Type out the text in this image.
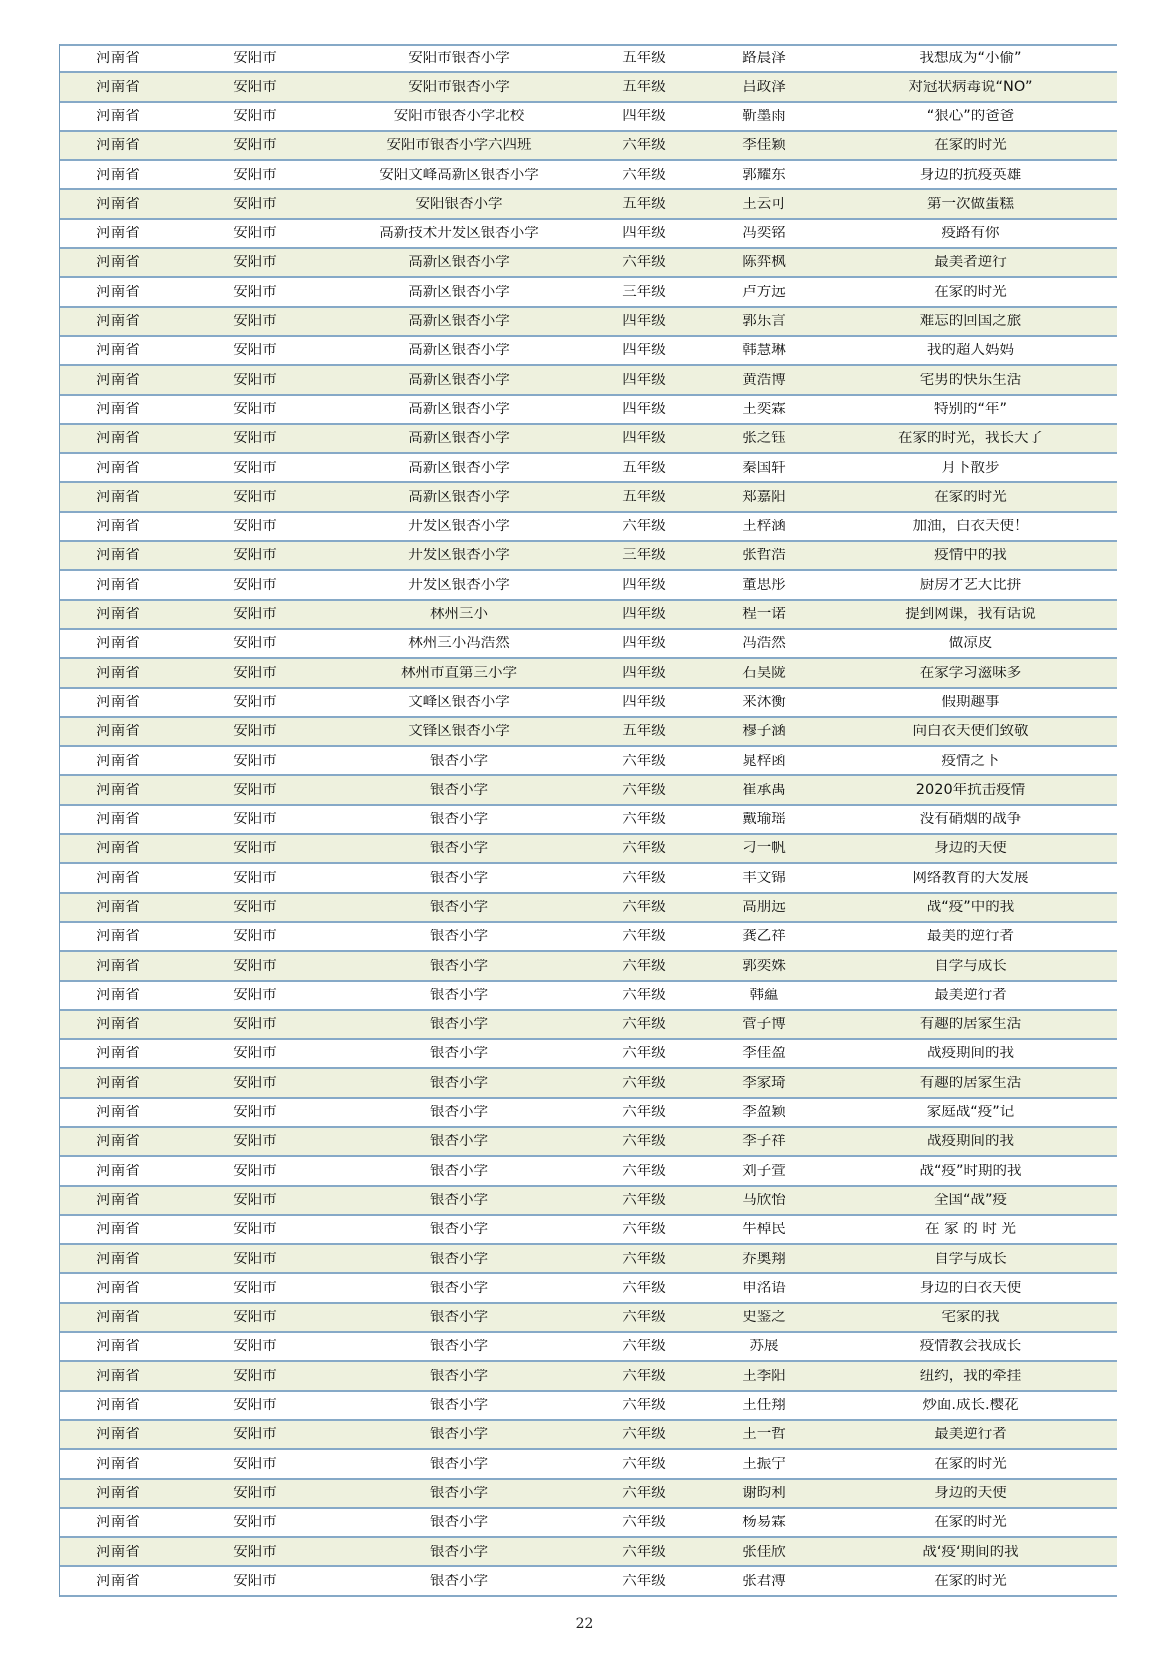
河南省	安阳市	安阳市银杏小学	五年级	路晨泽	我想成为“小偷”
河南省	安阳市	安阳市银杏小学	五年级	吕政泽	对冠状病毒说“NO”
河南省	安阳市	安阳市银杏小学北校	四年级	靳墨雨	“狠心”的爸爸
河南省	安阳市	安阳市银杏小学六四班	六年级	李佳颖	在家的时光
河南省	安阳市	安阳文峰高新区银杏小学	六年级	郭耀东	身边的抗疫英雄
河南省	安阳市	安阳银杏小学	五年级	王云可	第一次做蛋糕
河南省	安阳市	高新技术开发区银杏小学	四年级	冯奕铭	疫路有你
河南省	安阳市	高新区银杏小学	六年级	陈弈枫	最美者逆行
河南省	安阳市	高新区银杏小学	三年级	卢方远	在家的时光
河南省	安阳市	高新区银杏小学	四年级	郭乐言	难忘的回国之旅
河南省	安阳市	高新区银杏小学	四年级	韩慧琳	我的超人妈妈
河南省	安阳市	高新区银杏小学	四年级	黄浩博	宅男的快乐生活
河南省	安阳市	高新区银杏小学	四年级	王奕霖	特别的“年”
河南省	安阳市	高新区银杏小学	四年级	张之钰	在家的时光，我长大了
河南省	安阳市	高新区银杏小学	五年级	秦国轩	月下散步
河南省	安阳市	高新区银杏小学	五年级	郑嘉阳	在家的时光
河南省	安阳市	开发区银杏小学	六年级	王梓涵	加油，白衣天使！
河南省	安阳市	开发区银杏小学	三年级	张哲浩	疫情中的我
河南省	安阳市	开发区银杏小学	四年级	董思彤	厨房才艺大比拼
河南省	安阳市	林州三小	四年级	程一诺	提到网课，我有话说
河南省	安阳市	林州三小冯浩然	四年级	冯浩然	做凉皮
河南省	安阳市	林州市直第三小学	四年级	石昊陇	在家学习滋味多
河南省	安阳市	文峰区银杏小学	四年级	来沐衡	假期趣事
河南省	安阳市	文锋区银杏小学	五年级	穆子涵	向白衣天使们致敬
河南省	安阳市	银杏小学	六年级	晁梓函	疫情之下
河南省	安阳市	银杏小学	六年级	崔承禹	2020年抗击疫情
河南省	安阳市	银杏小学	六年级	戴瑜瑶	没有硝烟的战争
河南省	安阳市	银杏小学	六年级	刁一帆	身边的天使
河南省	安阳市	银杏小学	六年级	丰文锦	网络教育的大发展
河南省	安阳市	银杏小学	六年级	高朋远	战“疫”中的我
河南省	安阳市	银杏小学	六年级	龚乙祥	最美的逆行者
河南省	安阳市	银杏小学	六年级	郭奕姝	自学与成长
河南省	安阳市	银杏小学	六年级	韩藴	最美逆行者
河南省	安阳市	银杏小学	六年级	菅子博	有趣的居家生活
河南省	安阳市	银杏小学	六年级	李佳盈	战疫期间的我
河南省	安阳市	银杏小学	六年级	李家琦	有趣的居家生活
河南省	安阳市	银杏小学	六年级	李盈颖	家庭战“疫”记
河南省	安阳市	银杏小学	六年级	李子祥	战疫期间的我
河南省	安阳市	银杏小学	六年级	刘子萱	战“疫”时期的我
河南省	安阳市	银杏小学	六年级	马欣怡	全国“战”疫
河南省	安阳市	银杏小学	六年级	牛棹民	在 家 的 时 光
河南省	安阳市	银杏小学	六年级	乔奥翔	自学与成长
河南省	安阳市	银杏小学	六年级	申洺语	身边的白衣天使
河南省	安阳市	银杏小学	六年级	史鉴之	宅家的我
河南省	安阳市	银杏小学	六年级	苏展	疫情教会我成长
河南省	安阳市	银杏小学	六年级	王季阳	纽约，我的牵挂
河南省	安阳市	银杏小学	六年级	王任翔	炒面.成长.樱花
河南省	安阳市	银杏小学	六年级	王一哲	最美逆行者
河南省	安阳市	银杏小学	六年级	王振宁	在家的时光
河南省	安阳市	银杏小学	六年级	谢昀利	身边的天使
河南省	安阳市	银杏小学	六年级	杨易霖	在家的时光
河南省	安阳市	银杏小学	六年级	张佳欣	战‘疫‘期间的我
河南省	安阳市	银杏小学	六年级	张君溥	在家的时光
22
